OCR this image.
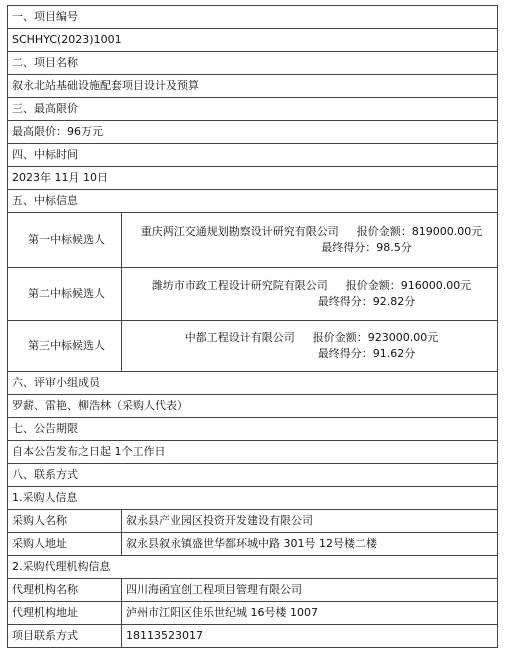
一、项目编号	
SCHHYC(2023)1001	
二、项目名称	
叙永北站基础设施配套项目设计及预算	
三、最高限价	
最高限价：96万元	
四、中标时间	
2023年 11月 10日	
五、中标信息	
第一中标候选人	重庆两江交通规划勘察设计研究有限公司 报价金额：819000.00元
最终得分：98.5分

第二中标候选人	潍坊市市政工程设计研究院有限公司 报价金额：916000.00元
最终得分：92.82分

第三中标候选人	中都工程设计有限公司 报价金额：923000.00元
最终得分：91.62分

六、评审小组成员	
罗薪、雷艳、柳浩林（采购人代表）	
七、公告期限	
自本公告发布之日起 1个工作日	
八、联系方式	
1.采购人信息	
采购人名称	叙永县产业园区投资开发建设有限公司
采购人地址	叙永县叙永镇盛世华都环城中路 301号 12号楼二楼
2.采购代理机构信息	
代理机构名称	四川海函宜创工程项目管理有限公司
代理机构地址	泸州市江阳区佳乐世纪城 16号楼 1007
项目联系方式	18113523017
